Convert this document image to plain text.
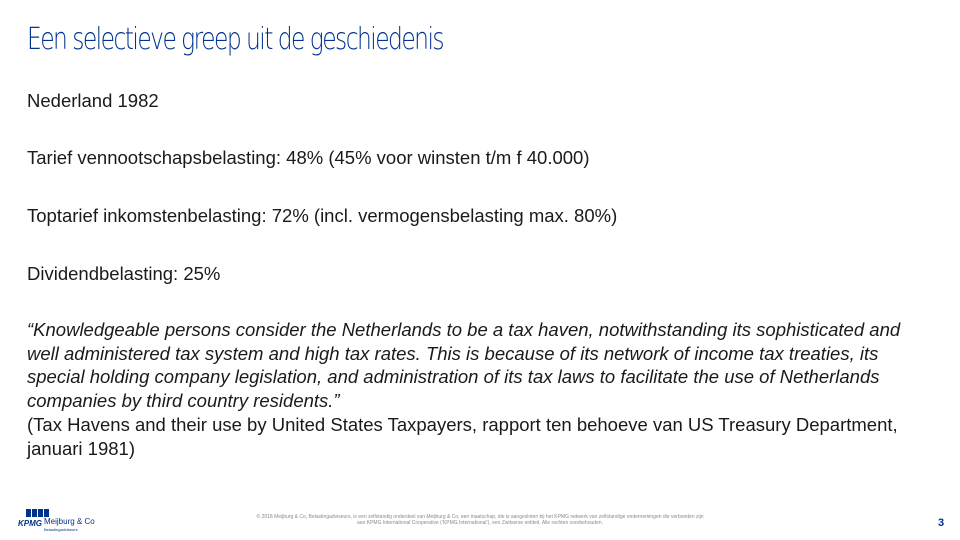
Een selectieve greep uit de geschiedenis

Nederland 1982

Tarief vennootschapsbelasting: 48% (45% voor winsten t/m f 40.000)

Toptarief inkomstenbelasting: 72% (incl. vermogensbelasting max. 80%)

Dividendbelasting: 25%

“Knowledgeable persons consider the Netherlands to be a tax haven, notwithstanding its sophisticated and well administered tax system and high tax rates. This is because of its network of income tax treaties, its special holding company legislation, and administration of its tax laws to facilitate the use of Netherlands companies by third country residents.”
(Tax Havens and their use by United States Taxpayers, rapport ten behoeve van US Treasury Department, januari 1981)
KPMG Meijburg & Co
Belastingadviseurs

© 2018 Meijburg & Co, Belastingadviseurs, is een zelfstandig onderdeel van Meijburg & Co, een maatschap, die is aangesloten bij het KPMG netwerk van zelfstandige ondernemingen die verbonden zijn aan KPMG International Cooperative (‘KPMG International’), een Zwitserse entiteit. Alle rechten voorbehouden.	3
